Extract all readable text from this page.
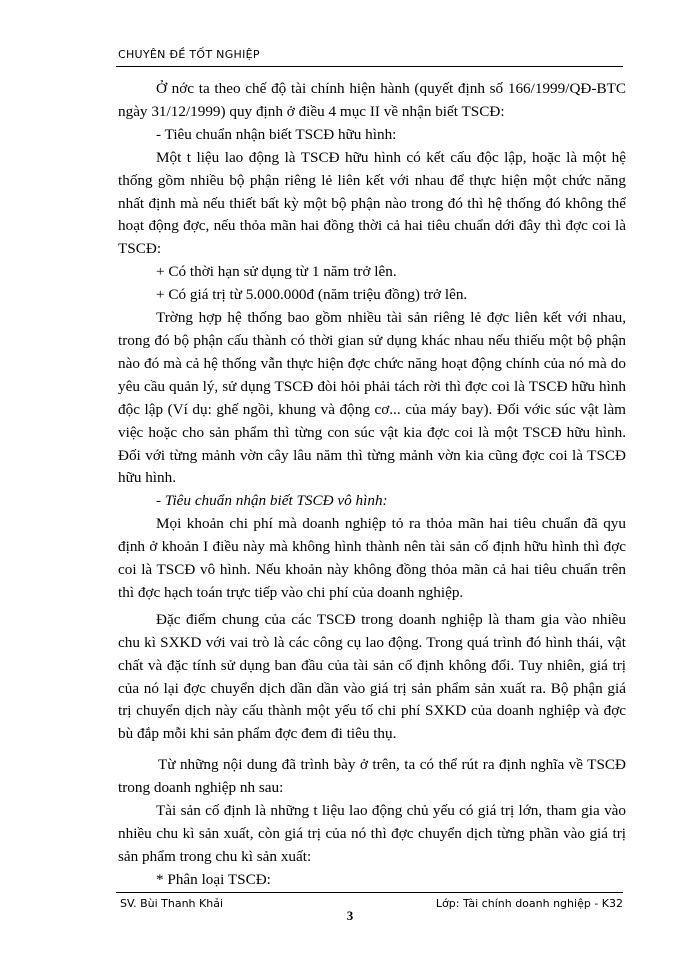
CHUYÊN ĐỀ TỐT NGHIỆP

Ở nớc ta theo chế độ tài chính hiện hành (quyết định số 166/1999/QĐ-BTC ngày 31/12/1999) quy định ở điều 4 mục II về nhận biết TSCĐ:

- Tiêu chuẩn nhận biết TSCĐ hữu hình:

Một t liệu lao động là TSCĐ hữu hình có kết cấu độc lập, hoặc là một hệ thống gồm nhiều bộ phận riêng lẻ liên kết với nhau để thực hiện một chức năng nhất định mà nếu thiết bất kỳ một bộ phận nào trong đó thì hệ thống đó không thể hoạt động đợc, nếu thỏa mãn hai đồng thời cả hai tiêu chuẩn dới đây thì đợc coi là TSCĐ:

+ Có thời hạn sử dụng từ 1 năm trở lên.

+ Có giá trị từ 5.000.000đ (năm triệu đồng) trở lên.

Trờng hợp hệ thống bao gồm nhiều tài sản riêng lẻ đợc liên kết với nhau, trong đó bộ phận cấu thành có thời gian sử dụng khác nhau nếu thiếu một bộ phận nào đó mà cả hệ thống vẫn thực hiện đợc chức năng hoạt động chính của nó mà do yêu cầu quản lý, sử dụng TSCĐ đòi hỏi phải tách rời thì đợc coi là TSCĐ hữu hình độc lập (Ví dụ: ghế ngồi, khung và động cơ... của máy bay). Đối vớic súc vật làm việc hoặc cho sản phẩm thì từng con súc vật kia đợc coi là một TSCĐ hữu hình. Đối với từng mảnh vờn cây lâu năm thì từng mảnh vờn kia cũng đợc coi là TSCĐ hữu hình.

- Tiêu chuẩn nhận biết TSCĐ vô hình:

Mọi khoản chi phí mà doanh nghiệp tỏ ra thỏa mãn hai tiêu chuẩn đã qyu định ở khoản I điều này mà không hình thành nên tài sản cố định hữu hình thì đợc coi là TSCĐ vô hình. Nếu khoản này không đồng thỏa mãn cả hai tiêu chuẩn trên thì đợc hạch toán trực tiếp vào chi phí của doanh nghiệp.

Đặc điểm chung của các TSCĐ trong doanh nghiệp là tham gia vào nhiều chu kì SXKD với vai trò là các công cụ lao động. Trong quá trình đó hình thái, vật chất và đặc tính sử dụng ban đầu của tài sản cố định không đổi. Tuy nhiên, giá trị của nó lại đợc chuyển dịch dần dần vào giá trị sản phẩm sản xuất ra. Bộ phận giá trị chuyển dịch này cấu thành một yếu tố chi phí SXKD của doanh nghiệp và đợc bù đắp mỗi khi sản phẩm đợc đem đi tiêu thụ.

Từ những nội dung đã trình bày ở trên, ta có thể rút ra định nghĩa về TSCĐ trong doanh nghiệp nh sau:

Tài sản cố định là những t liệu lao động chủ yếu có giá trị lớn, tham gia vào nhiều chu kì sản xuất, còn giá trị của nó thì đợc chuyển dịch từng phần vào giá trị sản phẩm trong chu kì sản xuất:

* Phân loại TSCĐ:

SV. Bùi Thanh Khải	Lớp: Tài chính doanh nghiệp - K32
3
